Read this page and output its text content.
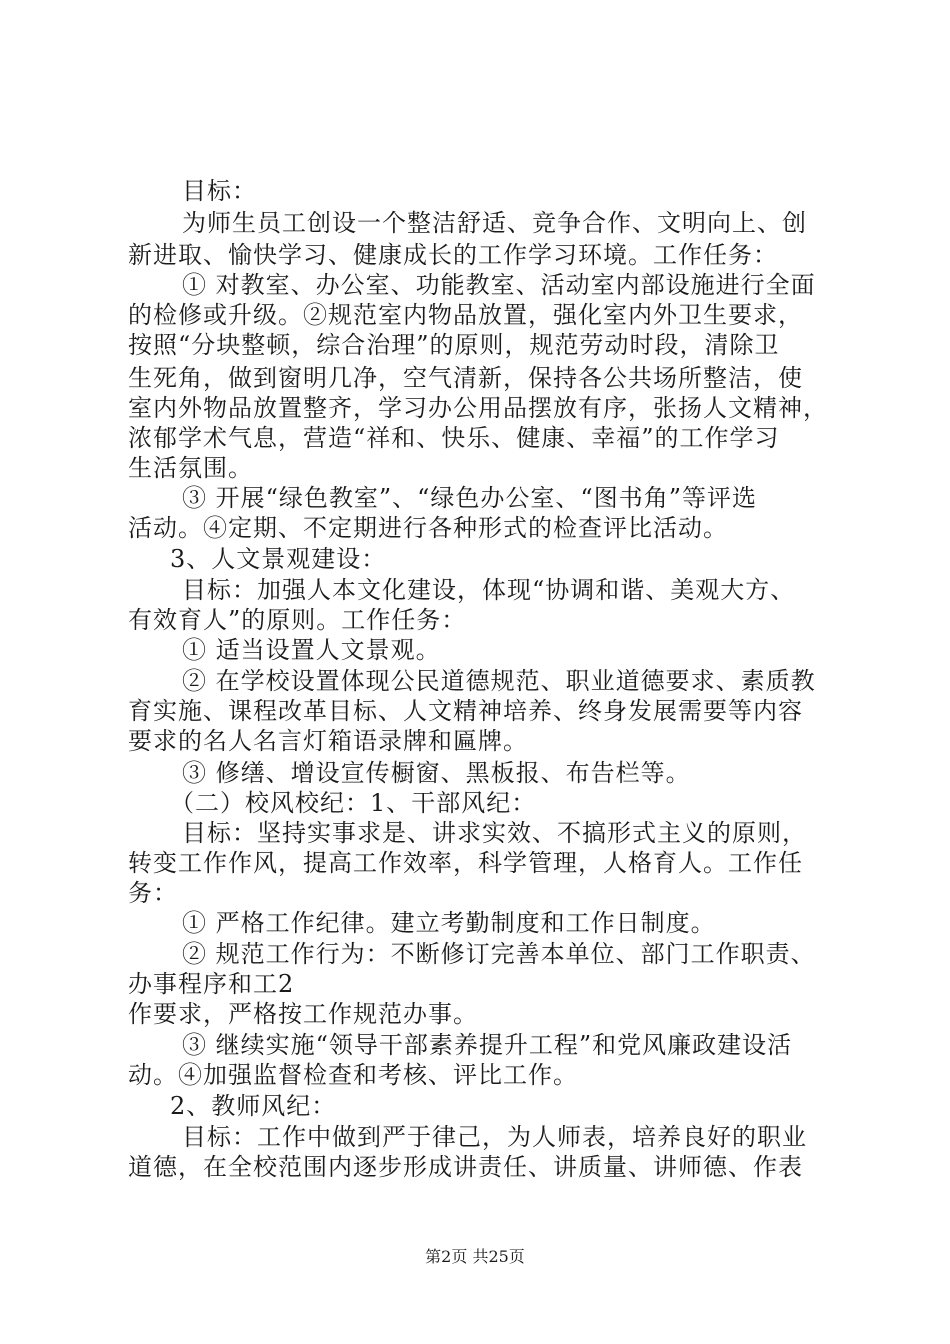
目标：
为师生员工创设一个整洁舒适、竞争合作、文明向上、创
新进取、愉快学习、健康成长的工作学习环境。工作任务：
① 对教室、办公室、功能教室、活动室内部设施进行全面
的检修或升级。②规范室内物品放置，强化室内外卫生要求，
按照“分块整顿，综合治理”的原则，规范劳动时段，清除卫
生死角，做到窗明几净，空气清新，保持各公共场所整洁，使
室内外物品放置整齐，学习办公用品摆放有序，张扬人文精神，
浓郁学术气息，营造“祥和、快乐、健康、幸福”的工作学习
生活氛围。
③ 开展“绿色教室”、“绿色办公室、“图书角”等评选
活动。④定期、不定期进行各种形式的检查评比活动。
3、人文景观建设：
目标：加强人本文化建设，体现“协调和谐、美观大方、
有效育人”的原则。工作任务：
① 适当设置人文景观。
② 在学校设置体现公民道德规范、职业道德要求、素质教
育实施、课程改革目标、人文精神培养、终身发展需要等内容
要求的名人名言灯箱语录牌和匾牌。
③ 修缮、增设宣传橱窗、黑板报、布告栏等。
（二）校风校纪：1、干部风纪：
目标：坚持实事求是、讲求实效、不搞形式主义的原则，
转变工作作风，提高工作效率，科学管理，人格育人。工作任
务：
① 严格工作纪律。建立考勤制度和工作日制度。
② 规范工作行为：不断修订完善本单位、部门工作职责、
办事程序和工2
作要求，严格按工作规范办事。
③ 继续实施“领导干部素养提升工程”和党风廉政建设活
动。④加强监督检查和考核、评比工作。
2、教师风纪：
目标：工作中做到严于律己，为人师表，培养良好的职业
道德，在全校范围内逐步形成讲责任、讲质量、讲师德、作表
第2页 共25页
